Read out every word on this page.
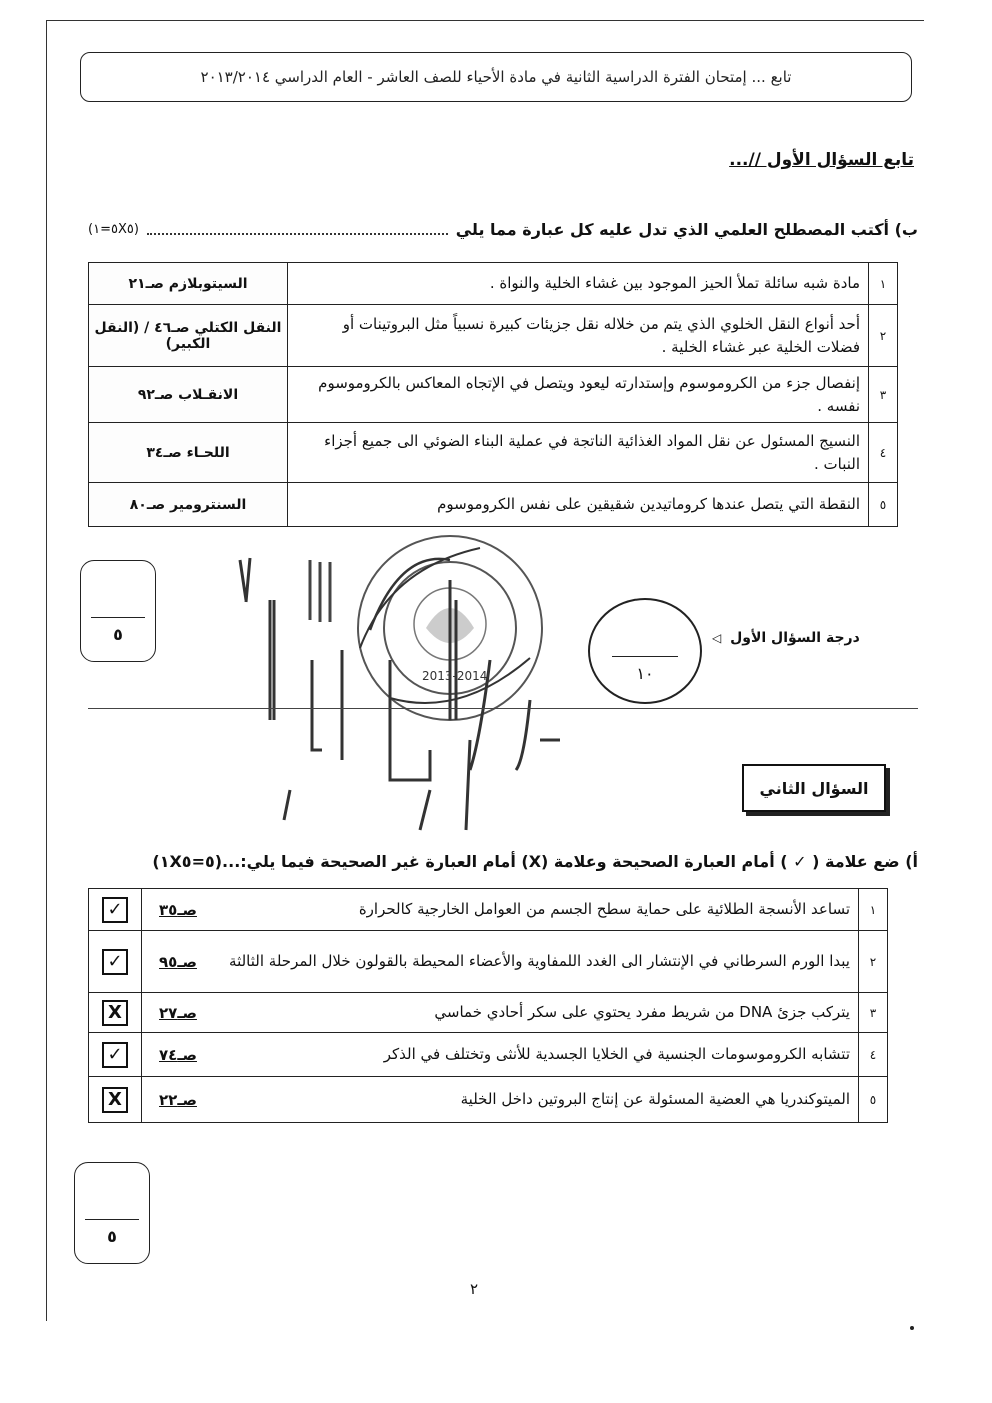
تابع ... إمتحان الفترة الدراسية الثانية في مادة الأحياء للصف العاشر - العام الدراسي ٢٠١٣/٢٠١٤
تابع السؤال الأول //...
ب) أكتب المصطلح العلمي الذي تدل عليه كل عبارة مما يلي
(٥=١X٥)
١	مادة شبه سائلة تملأ الحيز الموجود بين غشاء الخلية والنواة .	السيتوبلازم صـ٢١
٢	أحد أنواع النقل الخلوي الذي يتم من خلاله نقل جزيئات كبيرة نسبياً مثل البروتينات أو فضلات الخلية عبر غشاء الخلية .	النقل الكتلي صـ٤٦ / (النقل الكبير)
٣	إنفصال جزء من الكروموسوم وإستدارته ليعود ويتصل في الإتجاه المعاكس بالكروموسوم نفسه .	الانقـلاب صـ٩٢
٤	النسيج المسئول عن نقل المواد الغذائية الناتجة في عملية البناء الضوئي الى جميع أجزاء النبات .	اللحـاء صـ٣٤
٥	النقطة التي يتصل عندها كروماتيدين شقيقين على نفس الكروموسوم	السنترومير صـ٨٠
٥
2013-2014	١٠
درجة السؤال الأول ◁
السؤال الثاني
أ) ضع علامة ( ✓ ) أمام العبارة الصحيحة وعلامة (X) أمام العبارة غير الصحيحة فيما يلي:...(٥=١X٥)
١	تساعد الأنسجة الطلائية على حماية سطح الجسم من العوامل الخارجية كالحرارة	صـ٣٥	✓
٢	يبدا الورم السرطاني في الإنتشار الى الغدد اللمفاوية والأعضاء المحيطة بالقولون خلال المرحلة الثالثة	صـ٩٥	✓
٣	يتركب جزئ DNA من شريط مفرد يحتوي على سكر أحادي خماسي	صـ٢٧	X
٤	تتشابه الكروموسومات الجنسية في الخلايا الجسدية للأنثى وتختلف في الذكر	صـ٧٤	✓
٥	الميتوكندريا هي العضية المسئولة عن إنتاج البروتين داخل الخلية	صـ٢٢	X
٥
٢
